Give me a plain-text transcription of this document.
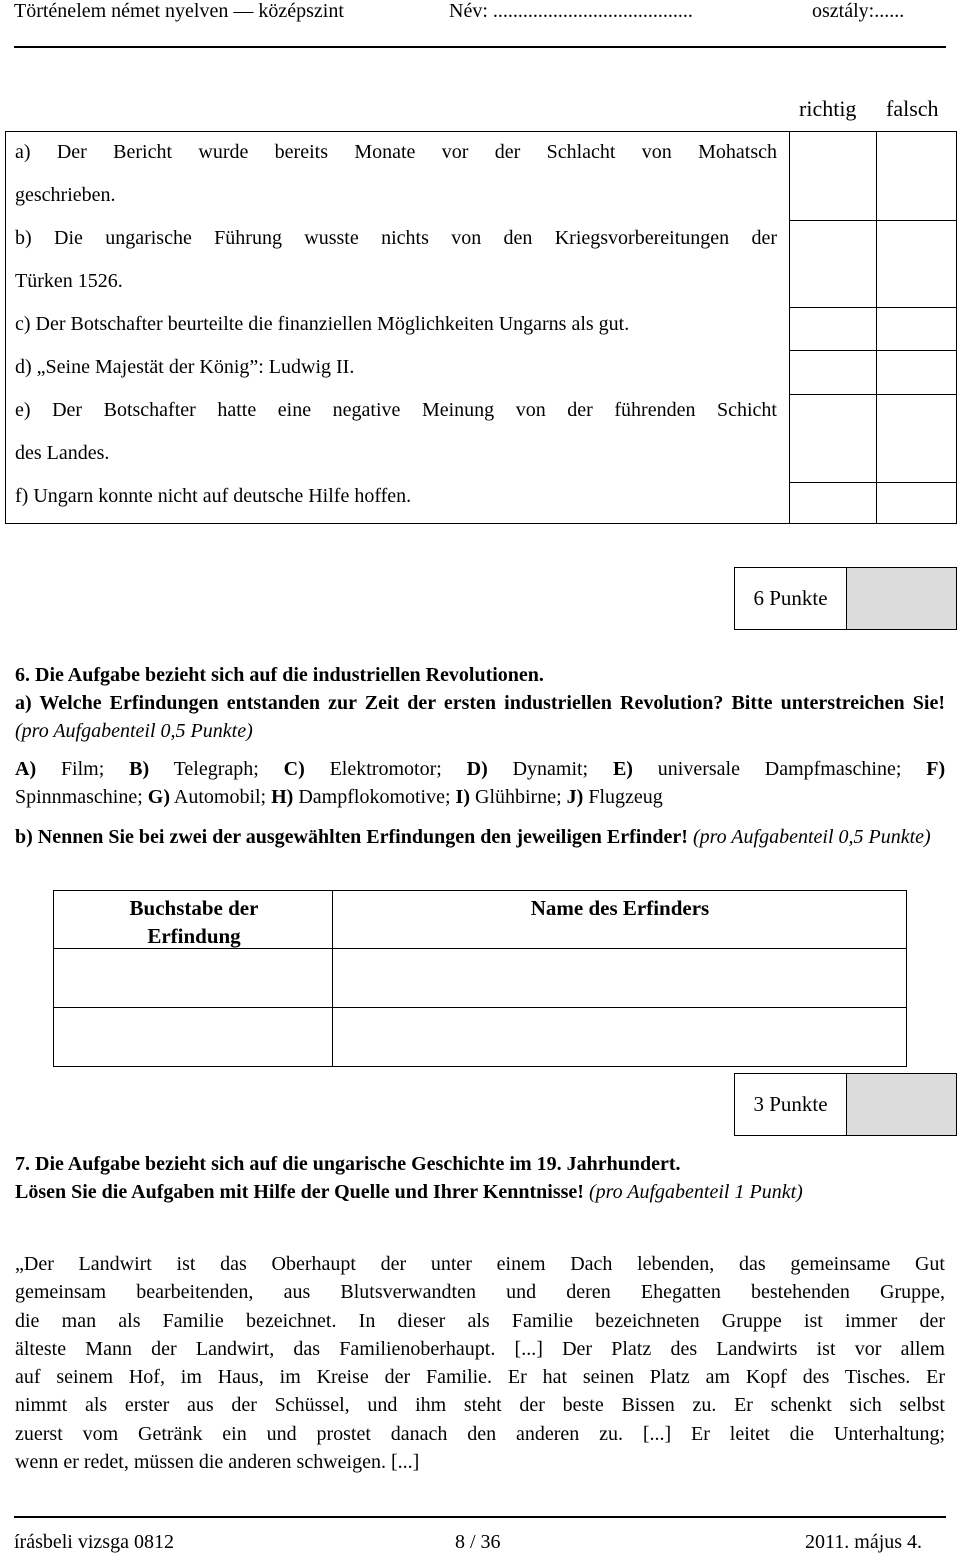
Történelem német nyelven — középszint	Név: ........................................	osztály:......
richtig falsch
a) Der Bericht wurde bereits Monate vor der Schlacht von Mohatsch
geschrieben.
b) Die ungarische Führung wusste nichts von den Kriegsvorbereitungen der
Türken 1526.
c) Der Botschafter beurteilte die finanziellen Möglichkeiten Ungarns als gut.
d) „Seine Majestät der König”: Ludwig II.
e) Der Botschafter hatte eine negative Meinung von der führenden Schicht
des Landes.
f) Ungarn konnte nicht auf deutsche Hilfe hoffen.
6 Punkte
6. Die Aufgabe bezieht sich auf die industriellen Revolutionen.
a) Welche Erfindungen entstanden zur Zeit der ersten industriellen Revolution? Bitte unterstreichen Sie! (pro Aufgabenteil 0,5 Punkte)
A) Film; B) Telegraph; C) Elektromotor; D) Dynamit; E) universale Dampfmaschine; F)
Spinnmaschine; G) Automobil; H) Dampflokomotive; I) Glühbirne; J) Flugzeug
b) Nennen Sie bei zwei der ausgewählten Erfindungen den jeweiligen Erfinder! (pro Aufgabenteil 0,5 Punkte)
Buchstabe der Erfindung
Name des Erfinders
3 Punkte
7. Die Aufgabe bezieht sich auf die ungarische Geschichte im 19. Jahrhundert.
Lösen Sie die Aufgaben mit Hilfe der Quelle und Ihrer Kenntnisse! (pro Aufgabenteil 1 Punkt)
„Der Landwirt ist das Oberhaupt der unter einem Dach lebenden, das gemeinsame Gut
gemeinsam bearbeitenden, aus Blutsverwandten und deren Ehegatten bestehenden Gruppe,
die man als Familie bezeichnet. In dieser als Familie bezeichneten Gruppe ist immer der
älteste Mann der Landwirt, das Familienoberhaupt. [...] Der Platz des Landwirts ist vor allem
auf seinem Hof, im Haus, im Kreise der Familie. Er hat seinen Platz am Kopf des Tisches. Er
nimmt als erster aus der Schüssel, und ihm steht der beste Bissen zu. Er schenkt sich selbst
zuerst vom Getränk ein und prostet danach den anderen zu. [...] Er leitet die Unterhaltung;
wenn er redet, müssen die anderen schweigen. [...]
írásbeli vizsga 0812	8 / 36	2011. május 4.
